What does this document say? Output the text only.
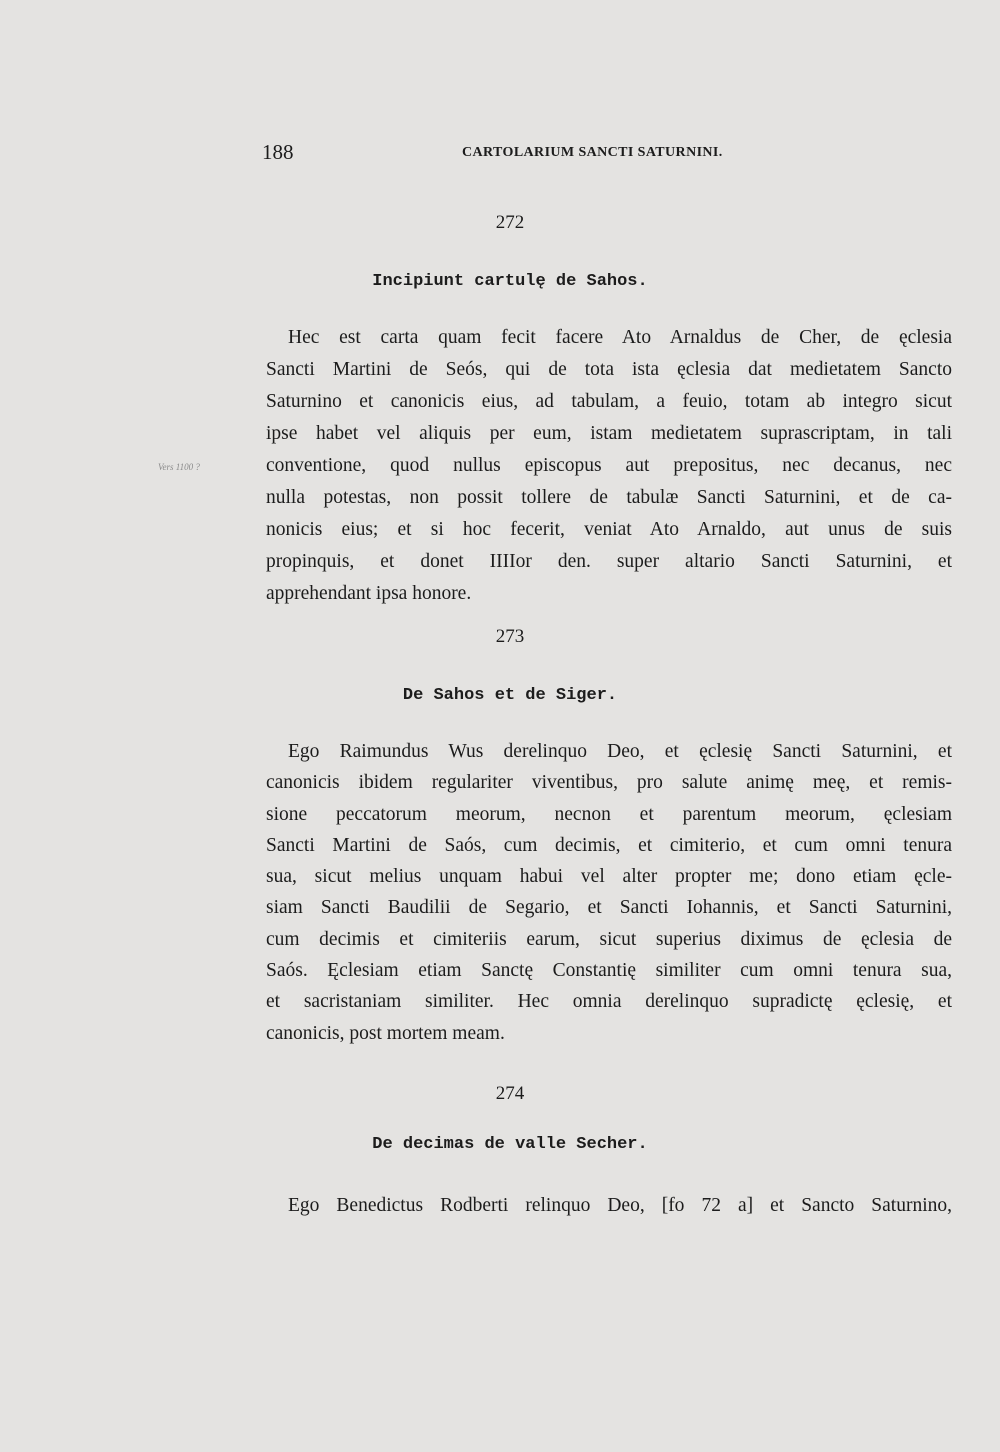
188	CARTOLARIUM SANCTI SATURNINI.
Vers 1100 ?
272
Incipiunt cartulę de Sahos.
Hec est carta quam fecit facere Ato Arnaldus de Cher, de ęclesia
Sancti Martini de Seós, qui de tota ista ęclesia dat medietatem Sancto
Saturnino et canonicis eius, ad tabulam, a feuio, totam ab integro sicut
ipse habet vel aliquis per eum, istam medietatem suprascriptam, in tali
conventione, quod nullus episcopus aut prepositus, nec decanus, nec
nulla potestas, non possit tollere de tabulæ Sancti Saturnini, et de ca-
nonicis eius; et si hoc fecerit, veniat Ato Arnaldo, aut unus de suis
propinquis, et donet IIIIor den. super altario Sancti Saturnini, et
apprehendant ipsa honore.
273
De Sahos et de Siger.
Ego Raimundus Wus derelinquo Deo, et ęclesię Sancti Saturnini, et
canonicis ibidem regulariter viventibus, pro salute animę meę, et remis-
sione peccatorum meorum, necnon et parentum meorum, ęclesiam
Sancti Martini de Saós, cum decimis, et cimiterio, et cum omni tenura
sua, sicut melius unquam habui vel alter propter me; dono etiam ęcle-
siam Sancti Baudilii de Segario, et Sancti Iohannis, et Sancti Saturnini,
cum decimis et cimiteriis earum, sicut superius diximus de ęclesia de
Saós. Ęclesiam etiam Sanctę Constantię similiter cum omni tenura sua,
et sacristaniam similiter. Hec omnia derelinquo supradictę ęclesię, et
canonicis, post mortem meam.
274
De decimas de valle Secher.
Ego Benedictus Rodberti relinquo Deo, [fo 72 a] et Sancto Saturnino,
